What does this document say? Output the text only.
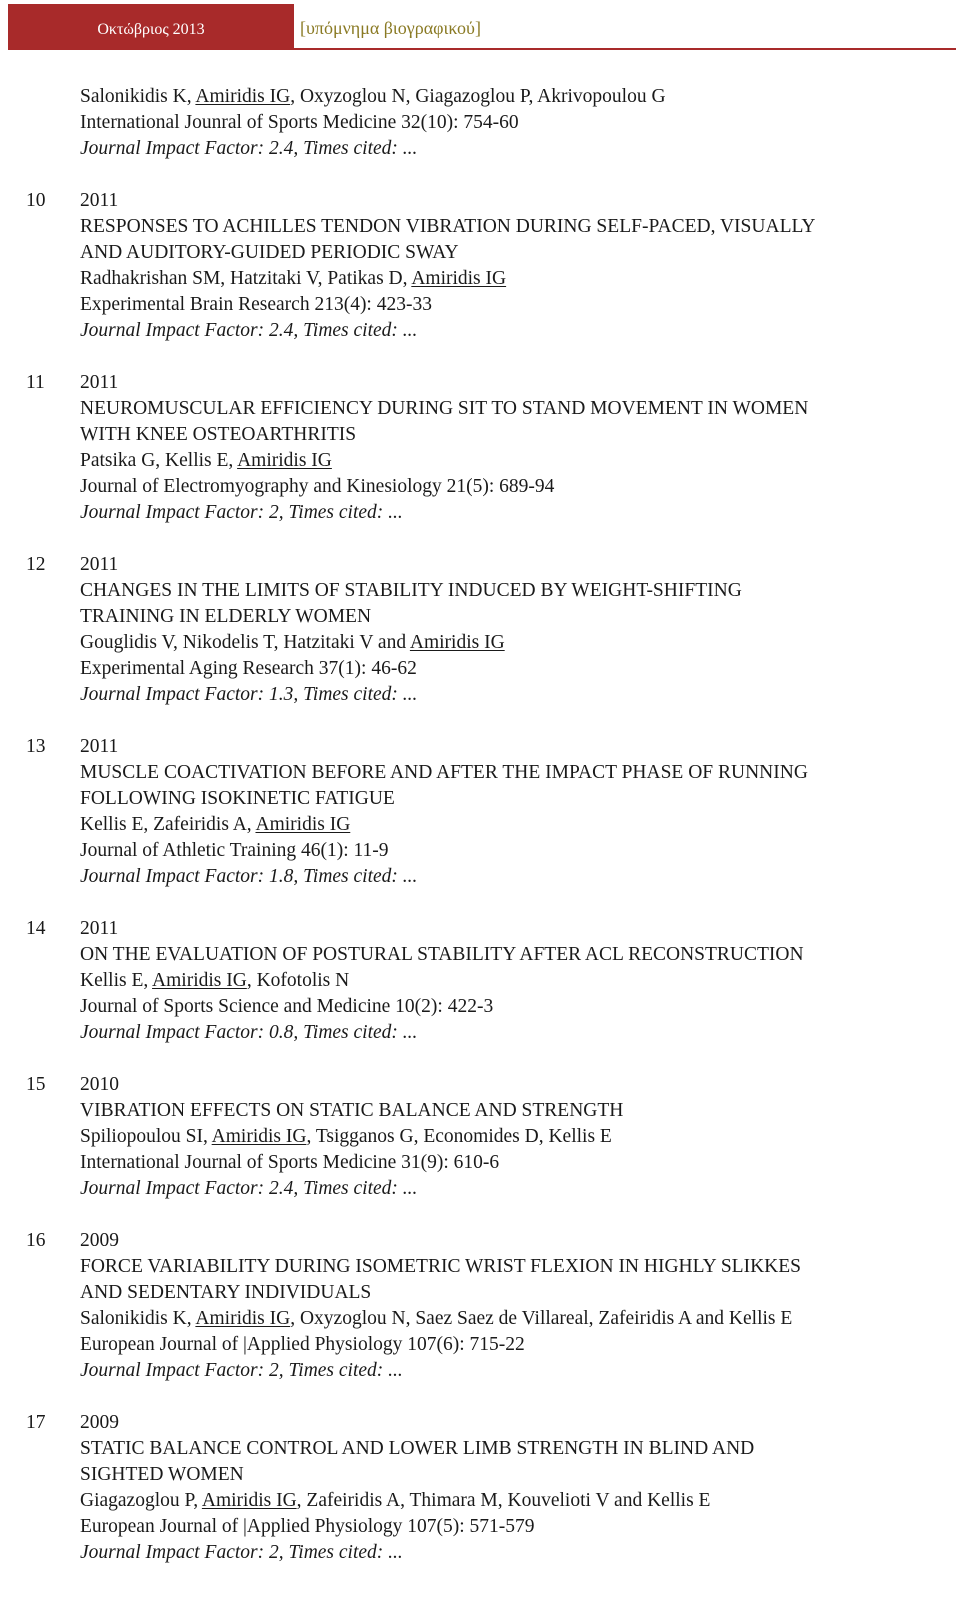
Οκτώβριος 2013	[υπόμνημα βιογραφικού]
Salonikidis K, Amiridis IG, Oxyzoglou N, Giagazoglou P, Akrivopoulou G
International Jounral of Sports Medicine 32(10): 754-60
Journal Impact Factor: 2.4, Times cited: ...
10	2011
RESPONSES TO ACHILLES TENDON VIBRATION DURING SELF-PACED, VISUALLY
AND AUDITORY-GUIDED PERIODIC SWAY
Radhakrishan SM, Hatzitaki V, Patikas D, Amiridis IG
Experimental Brain Research 213(4): 423-33
Journal Impact Factor: 2.4, Times cited: ...
11	2011
NEUROMUSCULAR EFFICIENCY DURING SIT TO STAND MOVEMENT IN WOMEN
WITH KNEE OSTEOARTHRITIS
Patsika G, Kellis E, Amiridis IG
Journal of Electromyography and Kinesiology 21(5): 689-94
Journal Impact Factor: 2, Times cited: ...
12	2011
CHANGES IN THE LIMITS OF STABILITY INDUCED BY WEIGHT-SHIFTING
TRAINING IN ELDERLY WOMEN
Gouglidis V, Nikodelis T, Hatzitaki V and Amiridis IG
Experimental Aging Research 37(1): 46-62
Journal Impact Factor: 1.3, Times cited: ...
13	2011
MUSCLE COACTIVATION BEFORE AND AFTER THE IMPACT PHASE OF RUNNING
FOLLOWING ISOKINETIC FATIGUE
Kellis E, Zafeiridis A, Amiridis IG
Journal of Athletic Training 46(1): 11-9
Journal Impact Factor: 1.8, Times cited: ...
14	2011
ON THE EVALUATION OF POSTURAL STABILITY AFTER ACL RECONSTRUCTION
Kellis E, Amiridis IG, Kofotolis N
Journal of Sports Science and Medicine 10(2): 422-3
Journal Impact Factor: 0.8, Times cited: ...
15	2010
VIBRATION EFFECTS ON STATIC BALANCE AND STRENGTH
Spiliopoulou SI, Amiridis IG, Tsigganos G, Economides D, Kellis E
International Journal of Sports Medicine 31(9): 610-6
Journal Impact Factor: 2.4, Times cited: ...
16	2009
FORCE VARIABILITY DURING ISOMETRIC WRIST FLEXION IN HIGHLY SLIKKES
AND SEDENTARY INDIVIDUALS
Salonikidis K, Amiridis IG, Oxyzoglou N, Saez Saez de Villareal, Zafeiridis A and Kellis E
European Journal of |Applied Physiology 107(6): 715-22
Journal Impact Factor: 2, Times cited: ...
17	2009
STATIC BALANCE CONTROL AND LOWER LIMB STRENGTH IN BLIND AND
SIGHTED WOMEN
Giagazoglou P, Amiridis IG, Zafeiridis A, Thimara M, Kouvelioti V and Kellis E
European Journal of |Applied Physiology 107(5): 571-579
Journal Impact Factor: 2, Times cited: ...
